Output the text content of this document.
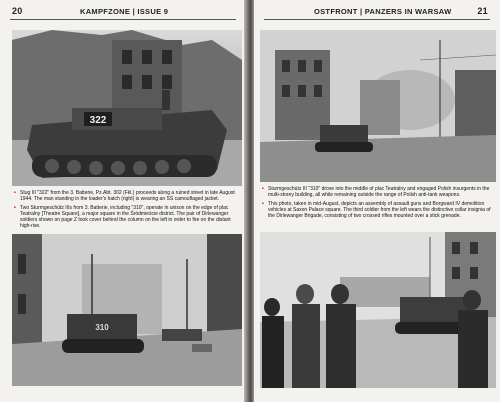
20	KAMPFZONE | ISSUE 9
322

• Stug III "322" from the 3. Batterie, Pz.Abt. 302 (Fkl.) proceeds along a ruined street in late August 1944. The man standing in the loader's hatch (right) is wearing an SS camouflaged jacket.

• Two Sturmgeschütz IIIs from 3. Batterie, including "310", operate in unison on the edge of plac Teatralny [Theatre Square], a major square in the Śródmieście district. The pair of Dirlewanger soldiers shown on page Z took cover behind the column on the left in order to fire on the distant high-rise.

310
OSTFRONT | PANZERS IN WARSAW	21

• Sturmgeschütz III "310" drove into the middle of plac Teatralny and engaged Polish insurgents in the multi-storey building, all while remaining outside the range of Polish anti-tank weapons.

• This photo, taken in mid-August, depicts an assembly of assault guns and Borgward IV demolition vehicles at Saxon Palace square. The third soldier from the left wears the distinctive collar insignia of the Dirlewanger Brigade, consisting of two crossed rifles mounted over a stick grenade.
